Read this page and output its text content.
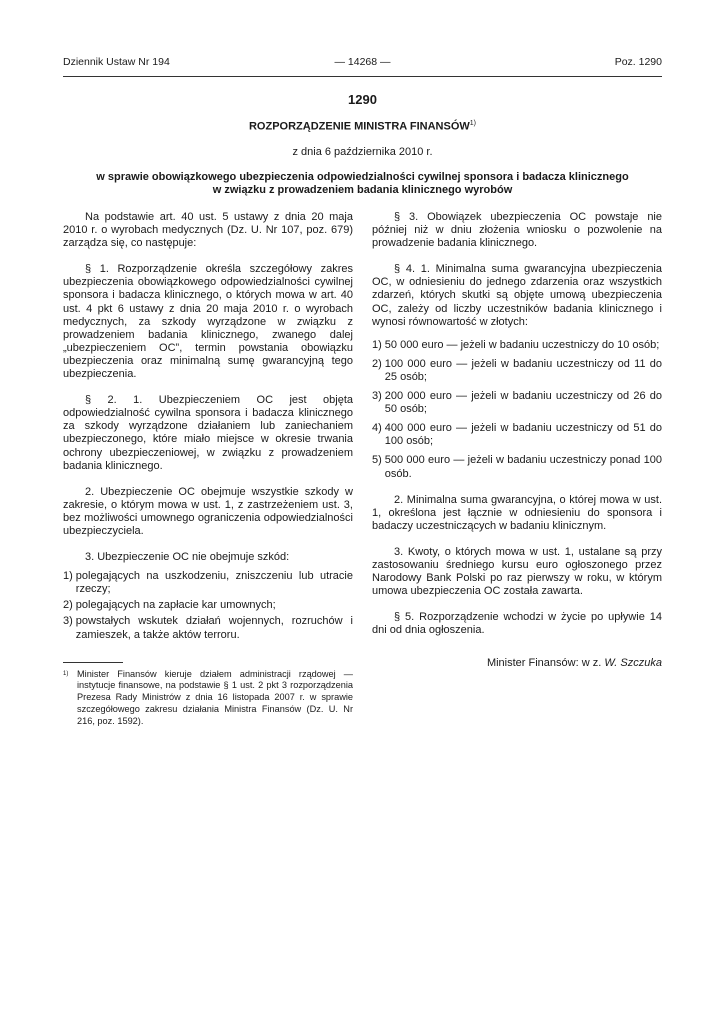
Dziennik Ustaw Nr 194	— 14268 —	Poz. 1290
1290
ROZPORZĄDZENIE MINISTRA FINANSÓW$^{1)}$
z dnia 6 października 2010 r.
w sprawie obowiązkowego ubezpieczenia odpowiedzialności cywilnej sponsora i badacza klinicznego
w związku z prowadzeniem badania klinicznego wyrobów

Na podstawie art. 40 ust. 5 ustawy z dnia 20 maja 2010 r. o wyrobach medycznych (Dz. U. Nr 107, poz. 679) zarządza się, co następuje:

§ 1. Rozporządzenie określa szczegółowy zakres ubezpieczenia obowiązkowego odpowiedzialności cywilnej sponsora i badacza klinicznego, o których mowa w art. 40 ust. 4 pkt 6 ustawy z dnia 20 maja 2010 r. o wyrobach medycznych, za szkody wyrządzone w związku z prowadzeniem badania klinicznego, zwanego dalej „ubezpieczeniem OC”, termin powstania obowiązku ubezpieczenia oraz minimalną sumę gwarancyjną tego ubezpieczenia.

§ 2. 1. Ubezpieczeniem OC jest objęta odpowiedzialność cywilna sponsora i badacza klinicznego za szkody wyrządzone działaniem lub zaniechaniem ubezpieczonego, które miało miejsce w okresie trwania ochrony ubezpieczeniowej, w związku z prowadzeniem badania klinicznego.

2. Ubezpieczenie OC obejmuje wszystkie szkody w zakresie, o którym mowa w ust. 1, z zastrzeżeniem ust. 3, bez możliwości umownego ograniczenia odpowiedzialności ubezpieczyciela.

3. Ubezpieczenie OC nie obejmuje szkód:

1) polegających na uszkodzeniu, zniszczeniu lub utracie rzeczy;
2) polegających na zapłacie kar umownych;
3) powstałych wskutek działań wojennych, rozruchów i zamieszek, a także aktów terroru.
$^{1)}$ Minister Finansów kieruje działem administracji rządowej — instytucje finansowe, na podstawie § 1 ust. 2 pkt 3 rozporządzenia Prezesa Rady Ministrów z dnia 16 listopada 2007 r. w sprawie szczegółowego zakresu działania Ministra Finansów (Dz. U. Nr 216, poz. 1592).

§ 3. Obowiązek ubezpieczenia OC powstaje nie później niż w dniu złożenia wniosku o pozwolenie na prowadzenie badania klinicznego.

§ 4. 1. Minimalna suma gwarancyjna ubezpieczenia OC, w odniesieniu do jednego zdarzenia oraz wszystkich zdarzeń, których skutki są objęte umową ubezpieczenia OC, zależy od liczby uczestników badania klinicznego i wynosi równowartość w złotych:

1) 50 000 euro — jeżeli w badaniu uczestniczy do 10 osób;
2) 100 000 euro — jeżeli w badaniu uczestniczy od 11 do 25 osób;
3) 200 000 euro — jeżeli w badaniu uczestniczy od 26 do 50 osób;
4) 400 000 euro — jeżeli w badaniu uczestniczy od 51 do 100 osób;
5) 500 000 euro — jeżeli w badaniu uczestniczy ponad 100 osób.

2. Minimalna suma gwarancyjna, o której mowa w ust. 1, określona jest łącznie w odniesieniu do sponsora i badaczy uczestniczących w badaniu klinicznym.

3. Kwoty, o których mowa w ust. 1, ustalane są przy zastosowaniu średniego kursu euro ogłoszonego przez Narodowy Bank Polski po raz pierwszy w roku, w którym umowa ubezpieczenia OC została zawarta.

§ 5. Rozporządzenie wchodzi w życie po upływie 14 dni od dnia ogłoszenia.

Minister Finansów: w z. W. Szczuka
